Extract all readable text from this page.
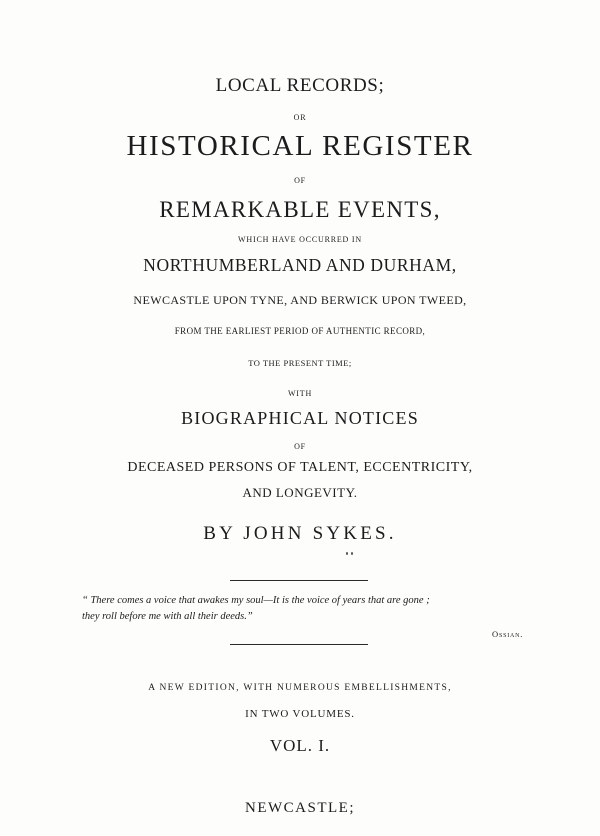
LOCAL RECORDS;
OR
HISTORICAL REGISTER
OF
REMARKABLE EVENTS,
WHICH HAVE OCCURRED IN
NORTHUMBERLAND AND DURHAM,
NEWCASTLE UPON TYNE, AND BERWICK UPON TWEED,
FROM THE EARLIEST PERIOD OF AUTHENTIC RECORD,
TO THE PRESENT TIME;
WITH
BIOGRAPHICAL NOTICES
OF
DECEASED PERSONS OF TALENT, ECCENTRICITY,
AND LONGEVITY.
BY JOHN SYKES.
“ There comes a voice that awakes my soul—It is the voice of years that are gone ;
they roll before me with all their deeds.”
Ossian.
A NEW EDITION, WITH NUMEROUS EMBELLISHMENTS,
IN TWO VOLUMES.
VOL. I.
NEWCASTLE;
